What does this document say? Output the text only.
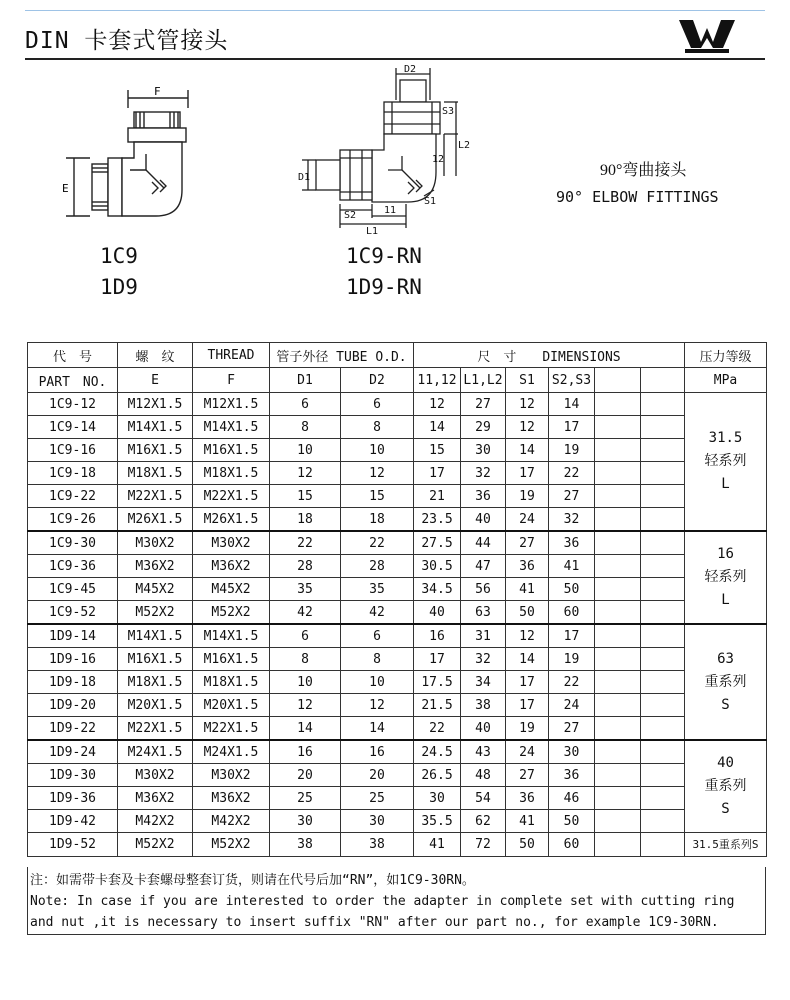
DIN 卡套式管接头
F
E
1C9
1D9
D2
S3
12
L2
D1
S1
S2	11
L1
1C9-RN
1D9-RN
90°弯曲接头
90° ELBOW FITTINGS
代　号	螺　纹	THREAD	管子外径 TUBE O.D.		尺　寸　　DIMENSIONS						压力等级
PART　NO.	E	F	D1	D2	11,12	L1,L2	S1	S2,S3			MPa
1C9-12	M12X1.5	M12X1.5	6	6	12	27	12	14			31.5
轻系列
L

1C9-14	M14X1.5	M14X1.5	8	8	14	29	12	17			
1C9-16	M16X1.5	M16X1.5	10	10	15	30	14	19			
1C9-18	M18X1.5	M18X1.5	12	12	17	32	17	22			
1C9-22	M22X1.5	M22X1.5	15	15	21	36	19	27			
1C9-26	M26X1.5	M26X1.5	18	18	23.5	40	24	32			
1C9-30	M30X2	M30X2	22	22	27.5	44	27	36			16
轻系列
L

1C9-36	M36X2	M36X2	28	28	30.5	47	36	41			
1C9-45	M45X2	M45X2	35	35	34.5	56	41	50			
1C9-52	M52X2	M52X2	42	42	40	63	50	60			
1D9-14	M14X1.5	M14X1.5	6	6	16	31	12	17			63
重系列
S

1D9-16	M16X1.5	M16X1.5	8	8	17	32	14	19			
1D9-18	M18X1.5	M18X1.5	10	10	17.5	34	17	22			
1D9-20	M20X1.5	M20X1.5	12	12	21.5	38	17	24			
1D9-22	M22X1.5	M22X1.5	14	14	22	40	19	27			
1D9-24	M24X1.5	M24X1.5	16	16	24.5	43	24	30			40
重系列
S

1D9-30	M30X2	M30X2	20	20	26.5	48	27	36			
1D9-36	M36X2	M36X2	25	25	30	54	36	46			
1D9-42	M42X2	M42X2	30	30	35.5	62	41	50			
1D9-52	M52X2	M52X2	38	38	41	72	50	60			31.5重系列S
注：如需带卡套及卡套螺母整套订货，则请在代号后加“RN”，如1C9-30RN。
Note: In case if you are interested to order the adapter in complete set with cutting ring
and nut ,it is necessary to insert suffix "RN" after our part no., for example 1C9-30RN.
